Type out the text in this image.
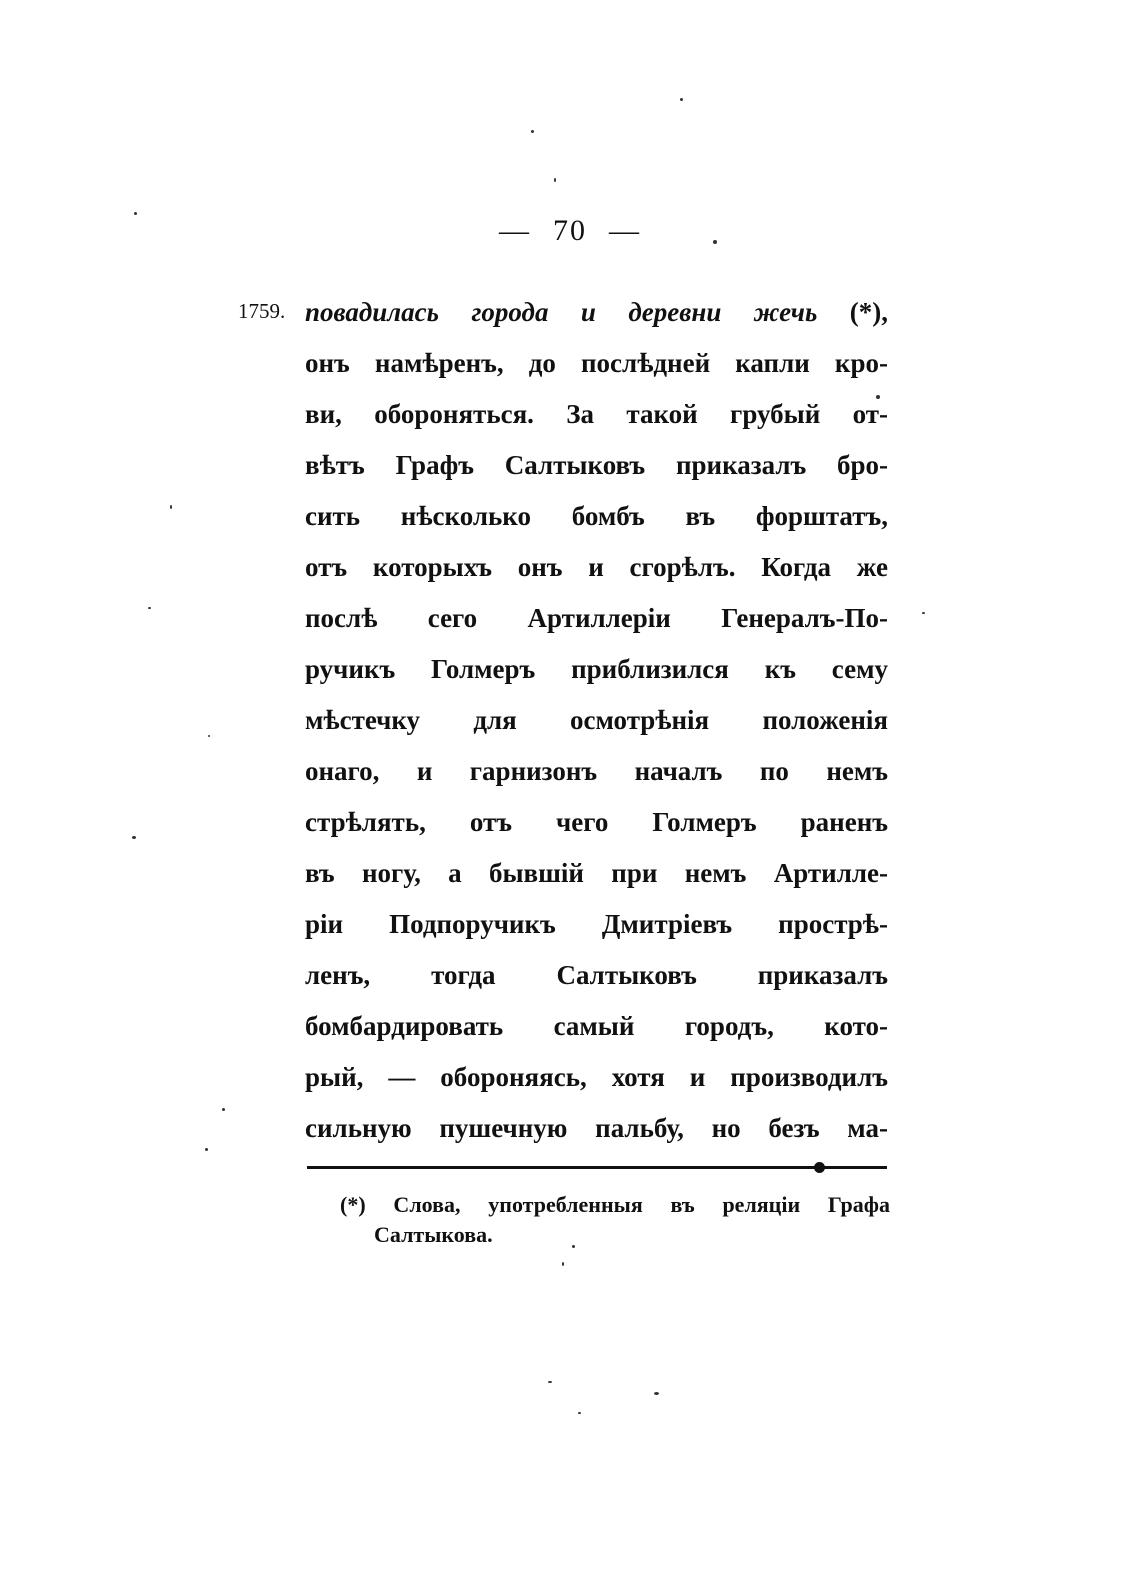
— 70 —
1759. повадилась города и деревни жечь (*),
онъ намѣренъ, до послѣдней капли кро-
ви, обороняться. За такой грубый от-
вѣтъ Графъ Салтыковъ приказалъ бро-
сить нѣсколько бомбъ въ форштатъ,
отъ которыхъ онъ и сгорѣлъ. Когда же
послѣ сего Артиллеріи Генералъ-По-
ручикъ Голмеръ приблизился къ сему
мѣстечку для осмотрѣнія положенія
онаго, и гарнизонъ началъ по немъ
стрѣлять, отъ чего Голмеръ раненъ
въ ногу, а бывшій при немъ Артилле-
ріи Подпоручикъ Дмитріевъ прострѣ-
ленъ, тогда Салтыковъ приказалъ
бомбардировать самый городъ, кото-
рый, — обороняясь, хотя и производилъ
сильную пушечную пальбу, но безъ ма-
(*) Слова, употребленныя въ реляціи Графа
Салтыкова.
